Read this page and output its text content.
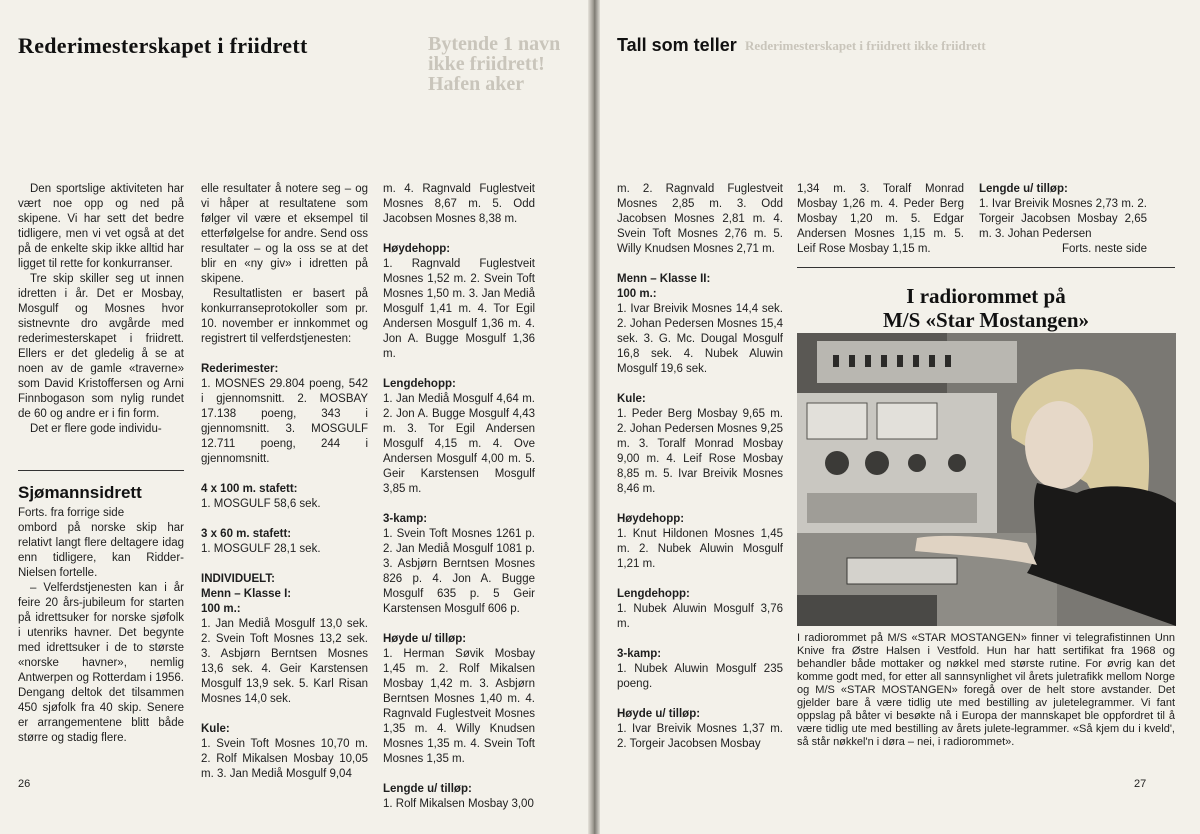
Bytende 1 navn ikke friidrett! Hafen aker
Rederimesterskapet i friidrett ikke friidrett
Rederimesterskapet i friidrett

Den sportslige aktiviteten har vært noe opp og ned på skipene. Vi har sett det bedre tidligere, men vi vet også at det på de enkelte skip ikke alltid har ligget til rette for konkurranser.

Tre skip skiller seg ut innen idretten i år. Det er Mosbay, Mosgulf og Mosnes hvor sistnevnte dro avgårde med rederimesterskapet i friidrett. Ellers er det gledelig å se at noen av de gamle «traverne» som David Kristoffersen og Arni Finnbogason som nylig rundet de 60 og andre er i fin form.

Det er flere gode individu-

Sjømannsidrett

Forts. fra forrige side

ombord på norske skip har relativt langt flere deltagere idag enn tidligere, kan Ridder-Nielsen fortelle.

– Velferdstjenesten kan i år feire 20 års-jubileum for starten på idrettsuker for norske sjøfolk i utenriks havner. Det begynte med idrettsuker i de to største «norske havner», nemlig Antwerpen og Rotterdam i 1956. Dengang deltok det tilsammen 450 sjøfolk fra 40 skip. Senere er arrangementene blitt både større og stadig flere.

26

elle resultater å notere seg – og vi håper at resultatene som følger vil være et eksempel til etterfølgelse for andre. Send oss resultater – og la oss se at det blir en «ny giv» i idretten på skipene.

Resultatlisten er basert på konkurranseprotokoller som pr. 10. november er innkommet og registrert til velferdstjenesten:

Rederimester:
1. MOSNES 29.804 poeng, 542 i gjennomsnitt. 2. MOSBAY 17.138 poeng, 343 i gjennomsnitt. 3. MOSGULF 12.711 poeng, 244 i gjennomsnitt.
4 x 100 m. stafett:
1. MOSGULF 58,6 sek.
3 x 60 m. stafett:
1. MOSGULF 28,1 sek.
INDIVIDUELT:
Menn – Klasse I:
100 m.:
1. Jan Mediå Mosgulf 13,0 sek. 2. Svein Toft Mosnes 13,2 sek. 3. Asbjørn Berntsen Mosnes 13,6 sek. 4. Geir Karstensen Mosgulf 13,9 sek. 5. Karl Risan Mosnes 14,0 sek.
Kule:
1. Svein Toft Mosnes 10,70 m. 2. Rolf Mikalsen Mosbay 10,05 m. 3. Jan Mediå Mosgulf 9,04

m. 4. Ragnvald Fuglestveit Mosnes 8,67 m. 5. Odd Jacobsen Mosnes 8,38 m.

Høydehopp:
1. Ragnvald Fuglestveit Mosnes 1,52 m. 2. Svein Toft Mosnes 1,50 m. 3. Jan Mediå Mosgulf 1,41 m. 4. Tor Egil Andersen Mosgulf 1,36 m. 4. Jon A. Bugge Mosgulf 1,36 m.
Lengdehopp:
1. Jan Mediå Mosgulf 4,64 m. 2. Jon A. Bugge Mosgulf 4,43 m. 3. Tor Egil Andersen Mosgulf 4,15 m. 4. Ove Andersen Mosgulf 4,00 m. 5. Geir Karstensen Mosgulf 3,85 m.
3-kamp:
1. Svein Toft Mosnes 1261 p. 2. Jan Mediå Mosgulf 1081 p. 3. Asbjørn Berntsen Mosnes 826 p. 4. Jon A. Bugge Mosgulf 635 p. 5 Geir Karstensen Mosgulf 606 p.
Høyde u/ tilløp:
1. Herman Søvik Mosbay 1,45 m. 2. Rolf Mikalsen Mosbay 1,42 m. 3. Asbjørn Berntsen Mosnes 1,40 m. 4. Ragnvald Fuglestveit Mosnes 1,35 m. 4. Willy Knudsen Mosnes 1,35 m. 4. Svein Toft Mosnes 1,35 m.
Lengde u/ tilløp:
1. Rolf Mikalsen Mosbay 3,00
Tall som teller

m. 2. Ragnvald Fuglestveit Mosnes 2,85 m. 3. Odd Jacobsen Mosnes 2,81 m. 4. Svein Toft Mosnes 2,76 m. 5. Willy Knudsen Mosnes 2,71 m.

Menn – Klasse II:
100 m.:
1. Ivar Breivik Mosnes 14,4 sek. 2. Johan Pedersen Mosnes 15,4 sek. 3. G. Mc. Dougal Mosgulf 16,8 sek. 4. Nubek Aluwin Mosgulf 19,6 sek.
Kule:
1. Peder Berg Mosbay 9,65 m. 2. Johan Pedersen Mosnes 9,25 m. 3. Toralf Monrad Mosbay 9,00 m. 4. Leif Rose Mosbay 8,85 m. 5. Ivar Breivik Mosnes 8,46 m.
Høydehopp:
1. Knut Hildonen Mosnes 1,45 m. 2. Nubek Aluwin Mosgulf 1,21 m.
Lengdehopp:
1. Nubek Aluwin Mosgulf 3,76 m.
3-kamp:
1. Nubek Aluwin Mosgulf 235 poeng.
Høyde u/ tilløp:
1. Ivar Breivik Mosnes 1,37 m. 2. Torgeir Jacobsen Mosbay

1,34 m. 3. Toralf Monrad Mosbay 1,26 m. 4. Peder Berg Mosbay 1,20 m. 5. Edgar Andersen Mosnes 1,15 m. 5. Leif Rose Mosbay 1,15 m.

Lengde u/ tilløp:
1. Ivar Breivik Mosnes 2,73 m. 2. Torgeir Jacobsen Mosbay 2,65 m. 3. Johan Pedersen

Forts. neste side

I radiorommet på
M/S «Star Mostangen»

I radiorommet på M/S «STAR MOSTANGEN» finner vi telegrafistinnen Unn Knive fra Østre Halsen i Vestfold. Hun har hatt sertifikat fra 1968 og behandler både mottaker og nøkkel med største rutine. For øvrig kan det komme godt med, for etter all sannsynlighet vil årets juletrafikk mellom Norge og M/S «STAR MOSTANGEN» foregå over de helt store avstander. Det gjelder bare å være tidlig ute med bestilling av juletelegrammer. Vi fant oppslag på båter vi besøkte nå i Europa der mannskapet ble oppfordret til å være tidlig ute med bestilling av årets julete-legrammer. «Så kjem du i kveld', så står nøkkel'n i døra – nei, i radiorommet».

27
